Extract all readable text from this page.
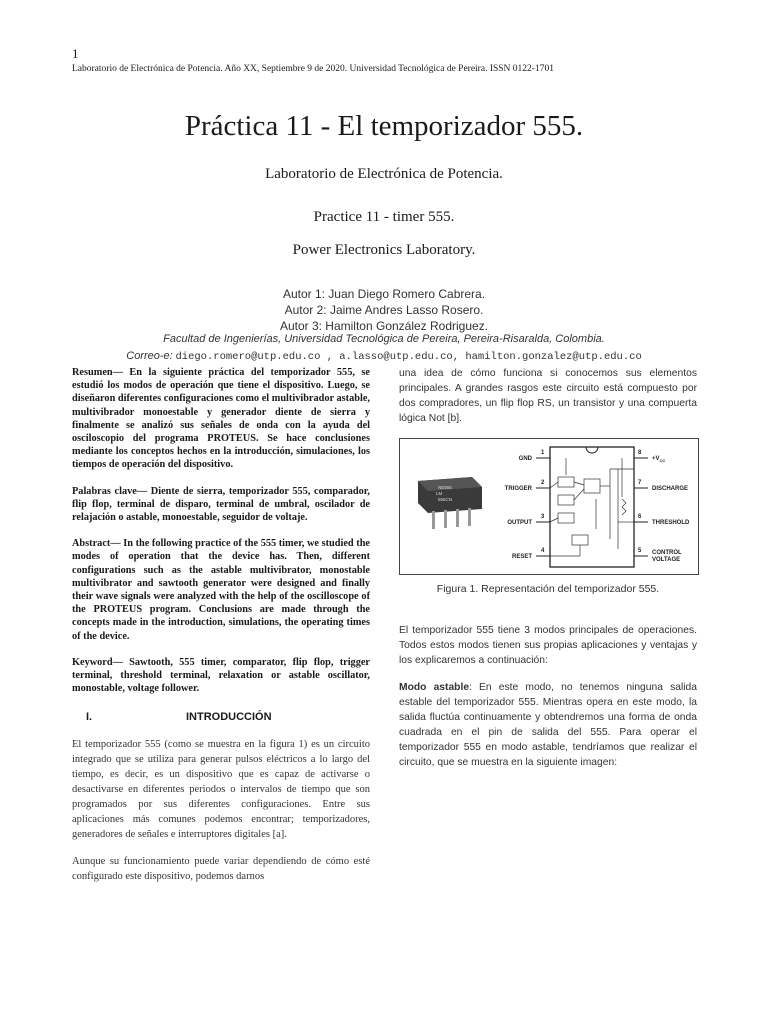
1
Laboratorio de Electrónica de Potencia. Año XX, Septiembre 9 de 2020. Universidad Tecnológica de Pereira. ISSN 0122-1701
Práctica 11 - El temporizador 555.
Laboratorio de Electrónica de Potencia.
Practice 11 - timer 555.
Power Electronics Laboratory.
Autor 1: Juan Diego Romero Cabrera.
Autor 2: Jaime Andres Lasso Rosero.
Autor 3: Hamilton González Rodriguez.
Facultad de Ingenierías, Universidad Tecnológica de Pereira, Pereira-Risaralda, Colombia.
Correo-e: diego.romero@utp.edu.co , a.lasso@utp.edu.co, hamilton.gonzalez@utp.edu.co

Resumen— En la siguiente práctica del temporizador 555, se estudió los modos de operación que tiene el dispositivo. Luego, se diseñaron diferentes configuraciones como el multivibrador astable, multivibrador monoestable y generador diente de sierra y finalmente se analizó sus señales de onda con la ayuda del osciloscopio del programa PROTEUS. Se hace conclusiones mediante los conceptos hechos en la introducción, simulaciones, los tiempos de operación del dispositivo.

Palabras clave— Diente de sierra, temporizador 555, comparador, flip flop, terminal de disparo, terminal de umbral, oscilador de relajación o astable, monoestable, seguidor de voltaje.

Abstract— In the following practice of the 555 timer, we studied the modes of operation that the device has. Then, different configurations such as the astable multivibrator, monostable multivibrator and sawtooth generator were designed and finally their wave signals were analyzed with the help of the oscilloscope of the PROTEUS program. Conclusions are made through the concepts made in the introduction, simulations, the operating times of the device.

Keyword— Sawtooth, 555 timer, comparator, flip flop, trigger terminal, threshold terminal, relaxation or astable oscillator, monostable, voltage follower.

I.	INTRODUCCIÓN

El temporizador 555 (como se muestra en la figura 1) es un circuito integrado que se utiliza para generar pulsos eléctricos a lo largo del tiempo, es decir, es un dispositivo que es capaz de activarse o desactivarse en diferentes periodos o intervalos de tiempo que son programados por sus diferentes configuraciones. Entre sus aplicaciones más comunes podemos encontrar; temporizadores, generadores de señales e interruptores digitales [a].

Aunque su funcionamiento puede variar dependiendo de cómo esté configurado este dispositivo, podemos darnos

una idea de cómo funciona si conocemos sus elementos principales. A grandes rasgos este circuito está compuesto por dos compradores, un flip flop RS, un transistor y una compuerta lógica Not [b].

NE555
LM
555CN
1
2
3
4
GND
TRIGGER
OUTPUT
RESET
8
7
6
5
$+V_{CC}$
DISCHARGE
THRESHOLD
CONTROL
VOLTAGE
Figura 1. Representación del temporizador 555.

El temporizador 555 tiene 3 modos principales de operaciones. Todos estos modos tienen sus propias aplicaciones y ventajas y los explicaremos a continuación:

Modo astable: En este modo, no tenemos ninguna salida estable del temporizador 555. Mientras opera en este modo, la salida fluctúa continuamente y obtendremos una forma de onda cuadrada en el pin de salida del 555. Para operar el temporizador 555 en modo astable, tendríamos que realizar el circuito, que se muestra en la siguiente imagen:
